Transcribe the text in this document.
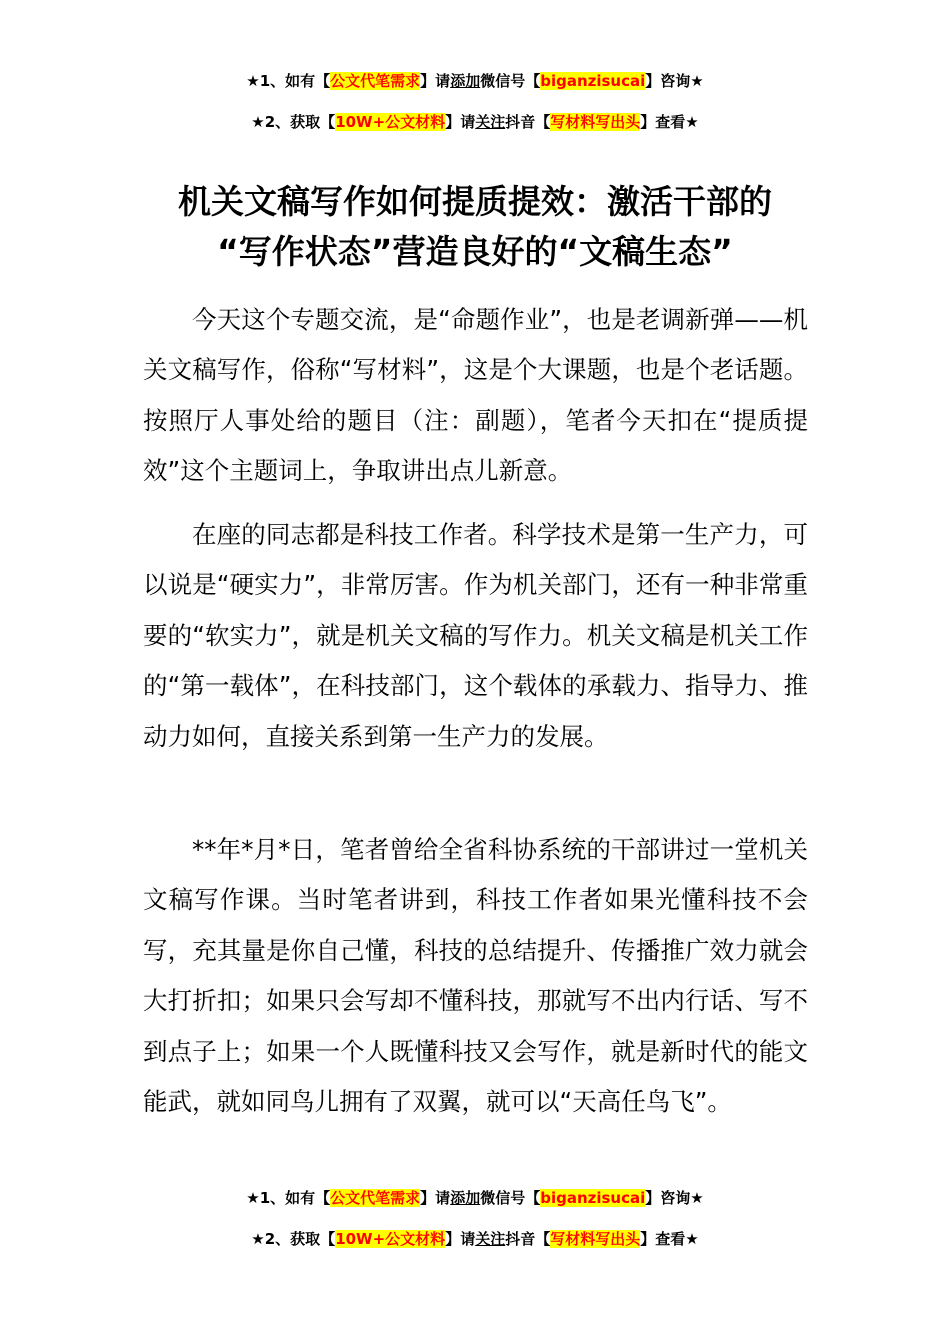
★1、如有【公文代笔需求】请添加微信号【biganzisucai】咨询★
★2、获取【10W+公文材料】请关注抖音【写材料写出头】查看★
机关文稿写作如何提质提效：激活干部的
“写作状态”营造良好的“文稿生态”

今天这个专题交流，是“命题作业”，也是老调新弹——机关文稿写作，俗称“写材料”，这是个大课题，也是个老话题。按照厅人事处给的题目（注：副题），笔者今天扣在“提质提效”这个主题词上，争取讲出点儿新意。

在座的同志都是科技工作者。科学技术是第一生产力，可以说是“硬实力”，非常厉害。作为机关部门，还有一种非常重要的“软实力”，就是机关文稿的写作力。机关文稿是机关工作的“第一载体”，在科技部门，这个载体的承载力、指导力、推动力如何，直接关系到第一生产力的发展。

**年*月*日，笔者曾给全省科协系统的干部讲过一堂机关文稿写作课。当时笔者讲到，科技工作者如果光懂科技不会写，充其量是你自己懂，科技的总结提升、传播推广效力就会大打折扣；如果只会写却不懂科技，那就写不出内行话、写不到点子上；如果一个人既懂科技又会写作，就是新时代的能文能武，就如同鸟儿拥有了双翼，就可以“天高任鸟飞”。

★1、如有【公文代笔需求】请添加微信号【biganzisucai】咨询★
★2、获取【10W+公文材料】请关注抖音【写材料写出头】查看★
